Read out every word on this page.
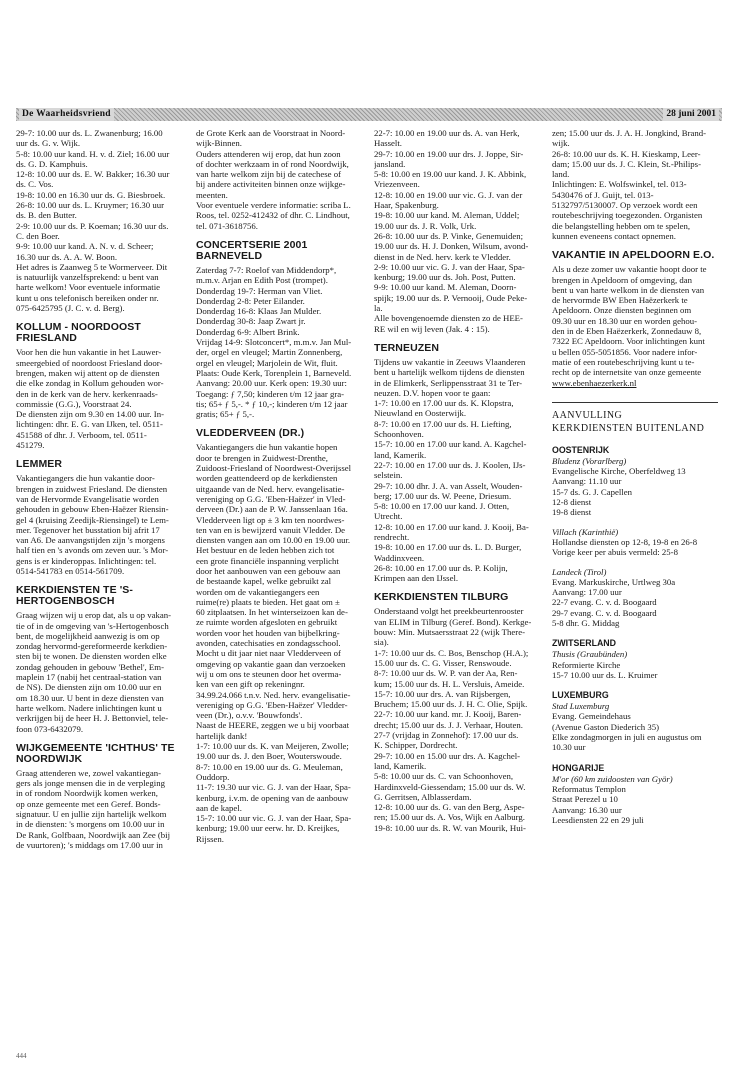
De Waarheidsvriend	28 juni 2001
29-7: 10.00 uur ds. L. Zwanenburg; 16.00
uur ds. G. v. Wijk.
5-8: 10.00 uur kand. H. v. d. Ziel; 16.00 uur
ds. G. D. Kamphuis.
12-8: 10.00 uur ds. E. W. Bakker; 16.30 uur
ds. C. Vos.
19-8: 10.00 en 16.30 uur ds. G. Biesbroek.
26-8: 10.00 uur ds. L. Kruymer; 16.30 uur
ds. B. den Butter.
2-9: 10.00 uur ds. P. Koeman; 16.30 uur ds.
C. den Boer.
9-9: 10.00 uur kand. A. N. v. d. Scheer;
16.30 uur ds. A. A. W. Boon.
Het adres is Zaanweg 5 te Wormerveer. Dit
is natuurlijk vanzelfsprekend: u bent van
harte welkom! Voor eventuele informatie
kunt u ons telefonisch bereiken onder nr.
075-6425795 (J. C. v. d. Berg).
KOLLUM - NOORDOOST FRIESLAND
Voor hen die hun vakantie in het Lauwer-
smeergebied of noordoost Friesland door-
brengen, maken wij attent op de diensten
die elke zondag in Kollum gehouden wor-
den in de kerk van de herv. kerkenraads-
commissie (G.G.), Voorstraat 24.
De diensten zijn om 9.30 en 14.00 uur. In-
lichtingen: dhr. E. G. van IJken, tel. 0511-
451588 of dhr. J. Verboom, tel. 0511-
451279.
LEMMER
Vakantiegangers die hun vakantie door-
brengen in zuidwest Friesland. De diensten
van de Hervormde Evangelisatie worden
gehouden in gebouw Eben-Haëzer Riensin-
gel 4 (kruising Zeedijk-Riensingel) te Lem-
mer. Tegenover het busstation bij afrit 17
van A6. De aanvangstijden zijn 's morgens
half tien en 's avonds om zeven uur. 's Mor-
gens is er kinderoppas. Inlichtingen: tel.
0514-541783 en 0514-561709.
KERKDIENSTEN TE 'S-HERTOGENBOSCH
Graag wijzen wij u erop dat, als u op vakan-
tie of in de omgeving van 's-Hertogenbosch
bent, de mogelijkheid aanwezig is om op
zondag hervormd-gereformeerde kerkdien-
sten bij te wonen. De diensten worden elke
zondag gehouden in gebouw 'Bethel', Em-
maplein 17 (nabij het centraal-station van
de NS). De diensten zijn om 10.00 uur en
om 18.30 uur. U bent in deze diensten van
harte welkom. Nadere inlichtingen kunt u
verkrijgen bij de heer H. J. Bettonviel, tele-
foon 073-6432079.
WIJKGEMEENTE 'ICHTHUS' TE NOORDWIJK
Graag attenderen we, zowel vakantiegan-
gers als jonge mensen die in de verpleging
in of rondom Noordwijk komen werken,
op onze gemeente met een Geref. Bonds-
signatuur. U en jullie zijn hartelijk welkom
in de diensten: 's morgens om 10.00 uur in
De Rank, Golfbaan, Noordwijk aan Zee (bij
de vuurtoren); 's middags om 17.00 uur in
de Grote Kerk aan de Voorstraat in Noord-
wijk-Binnen.
Ouders attenderen wij erop, dat hun zoon
of dochter werkzaam in of rond Noordwijk,
van harte welkom zijn bij de catechese of
bij andere activiteiten binnen onze wijkge-
meenten.
Voor eventuele verdere informatie: scriba L.
Roos, tel. 0252-412432 of dhr. C. Lindhout,
tel. 071-3618756.
CONCERTSERIE 2001 BARNEVELD
Zaterdag 7-7: Roelof van Middendorp*,
m.m.v. Arjan en Edith Post (trompet).
Donderdag 19-7: Herman van Vliet.
Donderdag 2-8: Peter Eilander.
Donderdag 16-8: Klaas Jan Mulder.
Donderdag 30-8: Jaap Zwart jr.
Donderdag 6-9: Albert Brink.
Vrijdag 14-9: Slotconcert*, m.m.v. Jan Mul-
der, orgel en vleugel; Martin Zonnenberg,
orgel en vleugel; Marjolein de Wit, fluit.
Plaats: Oude Kerk, Torenplein 1, Barneveld.
Aanvang: 20.00 uur. Kerk open: 19.30 uur:
Toegang: ƒ 7,50; kinderen t/m 12 jaar gra-
tis; 65+ ƒ 5,-. * ƒ 10,-; kinderen t/m 12 jaar
gratis; 65+ ƒ 5,-.
VLEDDERVEEN (DR.)
Vakantiegangers die hun vakantie hopen
door te brengen in Zuidwest-Drenthe,
Zuidoost-Friesland of Noordwest-Overijssel
worden geattendeerd op de kerkdiensten
uitgaande van de Ned. herv. evangelisatie-
vereniging op G.G. 'Eben-Haëzer' in Vled-
derveen (Dr.) aan de P. W. Janssenlaan 16a.
Vledderveen ligt op ± 3 km ten noordwes-
ten van en is bewijzerd vanuit Vledder. De
diensten vangen aan om 10.00 en 19.00 uur.
Het bestuur en de leden hebben zich tot
een grote financiële inspanning verplicht
door het aanbouwen van een gebouw aan
de bestaande kapel, welke gebruikt zal
worden om de vakantiegangers een
ruime(re) plaats te bieden. Het gaat om ±
60 zitplaatsen. In het winterseizoen kan de-
ze ruimte worden afgesloten en gebruikt
worden voor het houden van bijbelkring-
avonden, catechisaties en zondagsschool.
Mocht u dit jaar niet naar Vledderveen of
omgeving op vakantie gaan dan verzoeken
wij u om ons te steunen door het overma-
ken van een gift op rekeningnr.
34.99.24.066 t.n.v. Ned. herv. evangelisatie-
vereniging op G.G. 'Eben-Haëzer' Vledder-
veen (Dr.), o.v.v. 'Bouwfonds'.
Naast de HEERE, zeggen we u bij voorbaat
hartelijk dank!
1-7: 10.00 uur ds. K. van Meijeren, Zwolle;
19.00 uur ds. J. den Boer, Wouterswoude.
8-7: 10.00 en 19.00 uur ds. G. Meuleman,
Ouddorp.
11-7: 19.30 uur vic. G. J. van der Haar, Spa-
kenburg, i.v.m. de opening van de aanbouw
aan de kapel.
15-7: 10.00 uur vic. G. J. van der Haar, Spa-
kenburg; 19.00 uur eerw. hr. D. Kreijkes,
Rijssen.
22-7: 10.00 en 19.00 uur ds. A. van Herk,
Hasselt.
29-7: 10.00 en 19.00 uur drs. J. Joppe, Sir-
jansland.
5-8: 10.00 en 19.00 uur kand. J. K. Abbink,
Vriezenveen.
12-8: 10.00 en 19.00 uur vic. G. J. van der
Haar, Spakenburg.
19-8: 10.00 uur kand. M. Aleman, Uddel;
19.00 uur ds. J. R. Volk, Urk.
26-8: 10.00 uur ds. P. Vinke, Genemuiden;
19.00 uur ds. H. J. Donken, Wilsum, avond-
dienst in de Ned. herv. kerk te Vledder.
2-9: 10.00 uur vic. G. J. van der Haar, Spa-
kenburg; 19.00 uur ds. Joh. Post, Putten.
9-9: 10.00 uur kand. M. Aleman, Doorn-
spijk; 19.00 uur ds. P. Vernooij, Oude Peke-
la.
Alle bovengenoemde diensten zo de HEE-
RE wil en wij leven (Jak. 4 : 15).
TERNEUZEN
Tijdens uw vakantie in Zeeuws Vlaanderen
bent u hartelijk welkom tijdens de diensten
in de Elimkerk, Serlippensstraat 31 te Ter-
neuzen. D.V. hopen voor te gaan:
1-7: 10.00 en 17.00 uur ds. K. Klopstra,
Nieuwland en Oosterwijk.
8-7: 10.00 en 17.00 uur ds. H. Liefting,
Schoonhoven.
15-7: 10.00 en 17.00 uur kand. A. Kagchel-
land, Kamerik.
22-7: 10.00 en 17.00 uur ds. J. Koolen, IJs-
selstein.
29-7: 10.00 dhr. J. A. van Asselt, Wouden-
berg; 17.00 uur ds. W. Peene, Driesum.
5-8: 10.00 en 17.00 uur kand. J. Otten,
Utrecht.
12-8: 10.00 en 17.00 uur kand. J. Kooij, Ba-
rendrecht.
19-8: 10.00 en 17.00 uur ds. L. D. Burger,
Waddinxveen.
26-8: 10.00 en 17.00 uur ds. P. Kolijn,
Krimpen aan den IJssel.
KERKDIENSTEN TILBURG
Onderstaand volgt het preekbeurtenrooster
van ELIM in Tilburg (Geref. Bond). Kerkge-
bouw: Min. Mutsaersstraat 22 (wijk There-
sia).
1-7: 10.00 uur ds. C. Bos, Benschop (H.A.);
15.00 uur ds. C. G. Visser, Renswoude.
8-7: 10.00 uur ds. W. P. van der Aa, Ren-
kum; 15.00 uur ds. H. L. Versluis, Ameide.
15-7: 10.00 uur drs. A. van Rijsbergen,
Bruchem; 15.00 uur ds. J. H. C. Olie, Spijk.
22-7: 10.00 uur kand. mr. J. Kooij, Baren-
drecht; 15.00 uur ds. J. J. Verhaar, Houten.
27-7 (vrijdag in Zonnehof): 17.00 uur ds.
K. Schipper, Dordrecht.
29-7: 10.00 en 15.00 uur drs. A. Kagchel-
land, Kamerik.
5-8: 10.00 uur ds. C. van Schoonhoven,
Hardinxveld-Giessendam; 15.00 uur ds. W.
G. Gerritsen, Alblasserdam.
12-8: 10.00 uur ds. G. van den Berg, Aspe-
ren; 15.00 uur ds. A. Vos, Wijk en Aalburg.
19-8: 10.00 uur ds. R. W. van Mourik, Hui-
zen; 15.00 uur ds. J. A. H. Jongkind, Brand-
wijk.
26-8: 10.00 uur ds. K. H. Kieskamp, Leer-
dam; 15.00 uur ds. J. C. Klein, St.-Philips-
land.
Inlichtingen: E. Wolfswinkel, tel. 013-
5430476 of J. Guijt, tel. 013-
5132797/5130007. Op verzoek wordt een
routebeschrijving toegezonden. Organisten
die belangstelling hebben om te spelen,
kunnen eveneens contact opnemen.
VAKANTIE IN APELDOORN E.O.
Als u deze zomer uw vakantie hoopt door te
brengen in Apeldoorn of omgeving, dan
bent u van harte welkom in de diensten van
de hervormde BW Eben Haëzerkerk te
Apeldoorn. Onze diensten beginnen om
09.30 uur en 18.30 uur en worden gehou-
den in de Eben Haëzerkerk, Zonnedauw 8,
7322 EC Apeldoorn. Voor inlichtingen kunt
u bellen 055-5051856. Voor nadere infor-
matie of een routebeschrijving kunt u te-
recht op de internetsite van onze gemeente

www.ebenhaezerkerk.nl

AANVULLING

KERKDIENSTEN BUITENLAND

OOSTENRIJK

Bludenz (Vorarlberg)

Evangelische Kirche, Oberfeldweg 13
Aanvang: 11.10 uur
15-7 ds. G. J. Capellen
12-8 dienst
19-8 dienst

Villach (Karinthië)

Hollandse diensten op 12-8, 19-8 en 26-8
Vorige keer per abuis vermeld: 25-8

Landeck (Tirol)

Evang. Markuskirche, Urtlweg 30a
Aanvang: 17.00 uur
22-7 evang. C. v. d. Boogaard
29-7 evang. C. v. d. Boogaard
5-8 dhr. G. Middag
ZWITSERLAND

Thusis (Graubünden)

Reformierte Kirche
15-7 10.00 uur ds. L. Kruimer
LUXEMBURG

Stad Luxemburg

Evang. Gemeindehaus
(Avenue Gaston Diederich 35)
Elke zondagmorgen in juli en augustus om
10.30 uur
HONGARIJE

M'or (60 km zuidoosten van Györ)

Reformatus Templon
Straat Perezel u 10
Aanvang: 16.30 uur
Leesdiensten 22 en 29 juli
444
